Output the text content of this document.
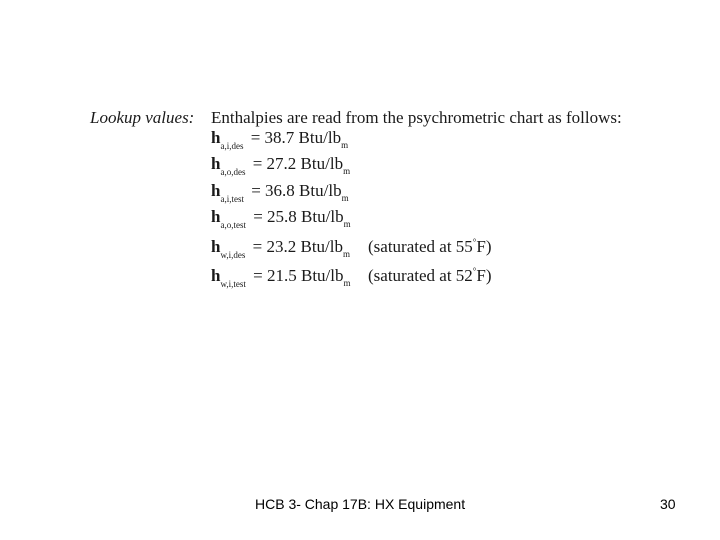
Lookup values: Enthalpies are read from the psychrometric chart as follows:
$h_{a,i,des} = 38.7$ Btu/$lb_m$
$h_{a,o,des} = 27.2$ Btu/$lb_m$
$h_{a,i,test} = 36.8$ Btu/$lb_m$
$h_{a,o,test} = 25.8$ Btu/$lb_m$
$h_{w,i,des} = 23.2$ Btu/$lb_m$ (saturated at 55°F)
$h_{w,i,test} = 21.5$ Btu/$lb_m$ (saturated at 52°F)
HCB 3- Chap 17B: HX Equipment	30
